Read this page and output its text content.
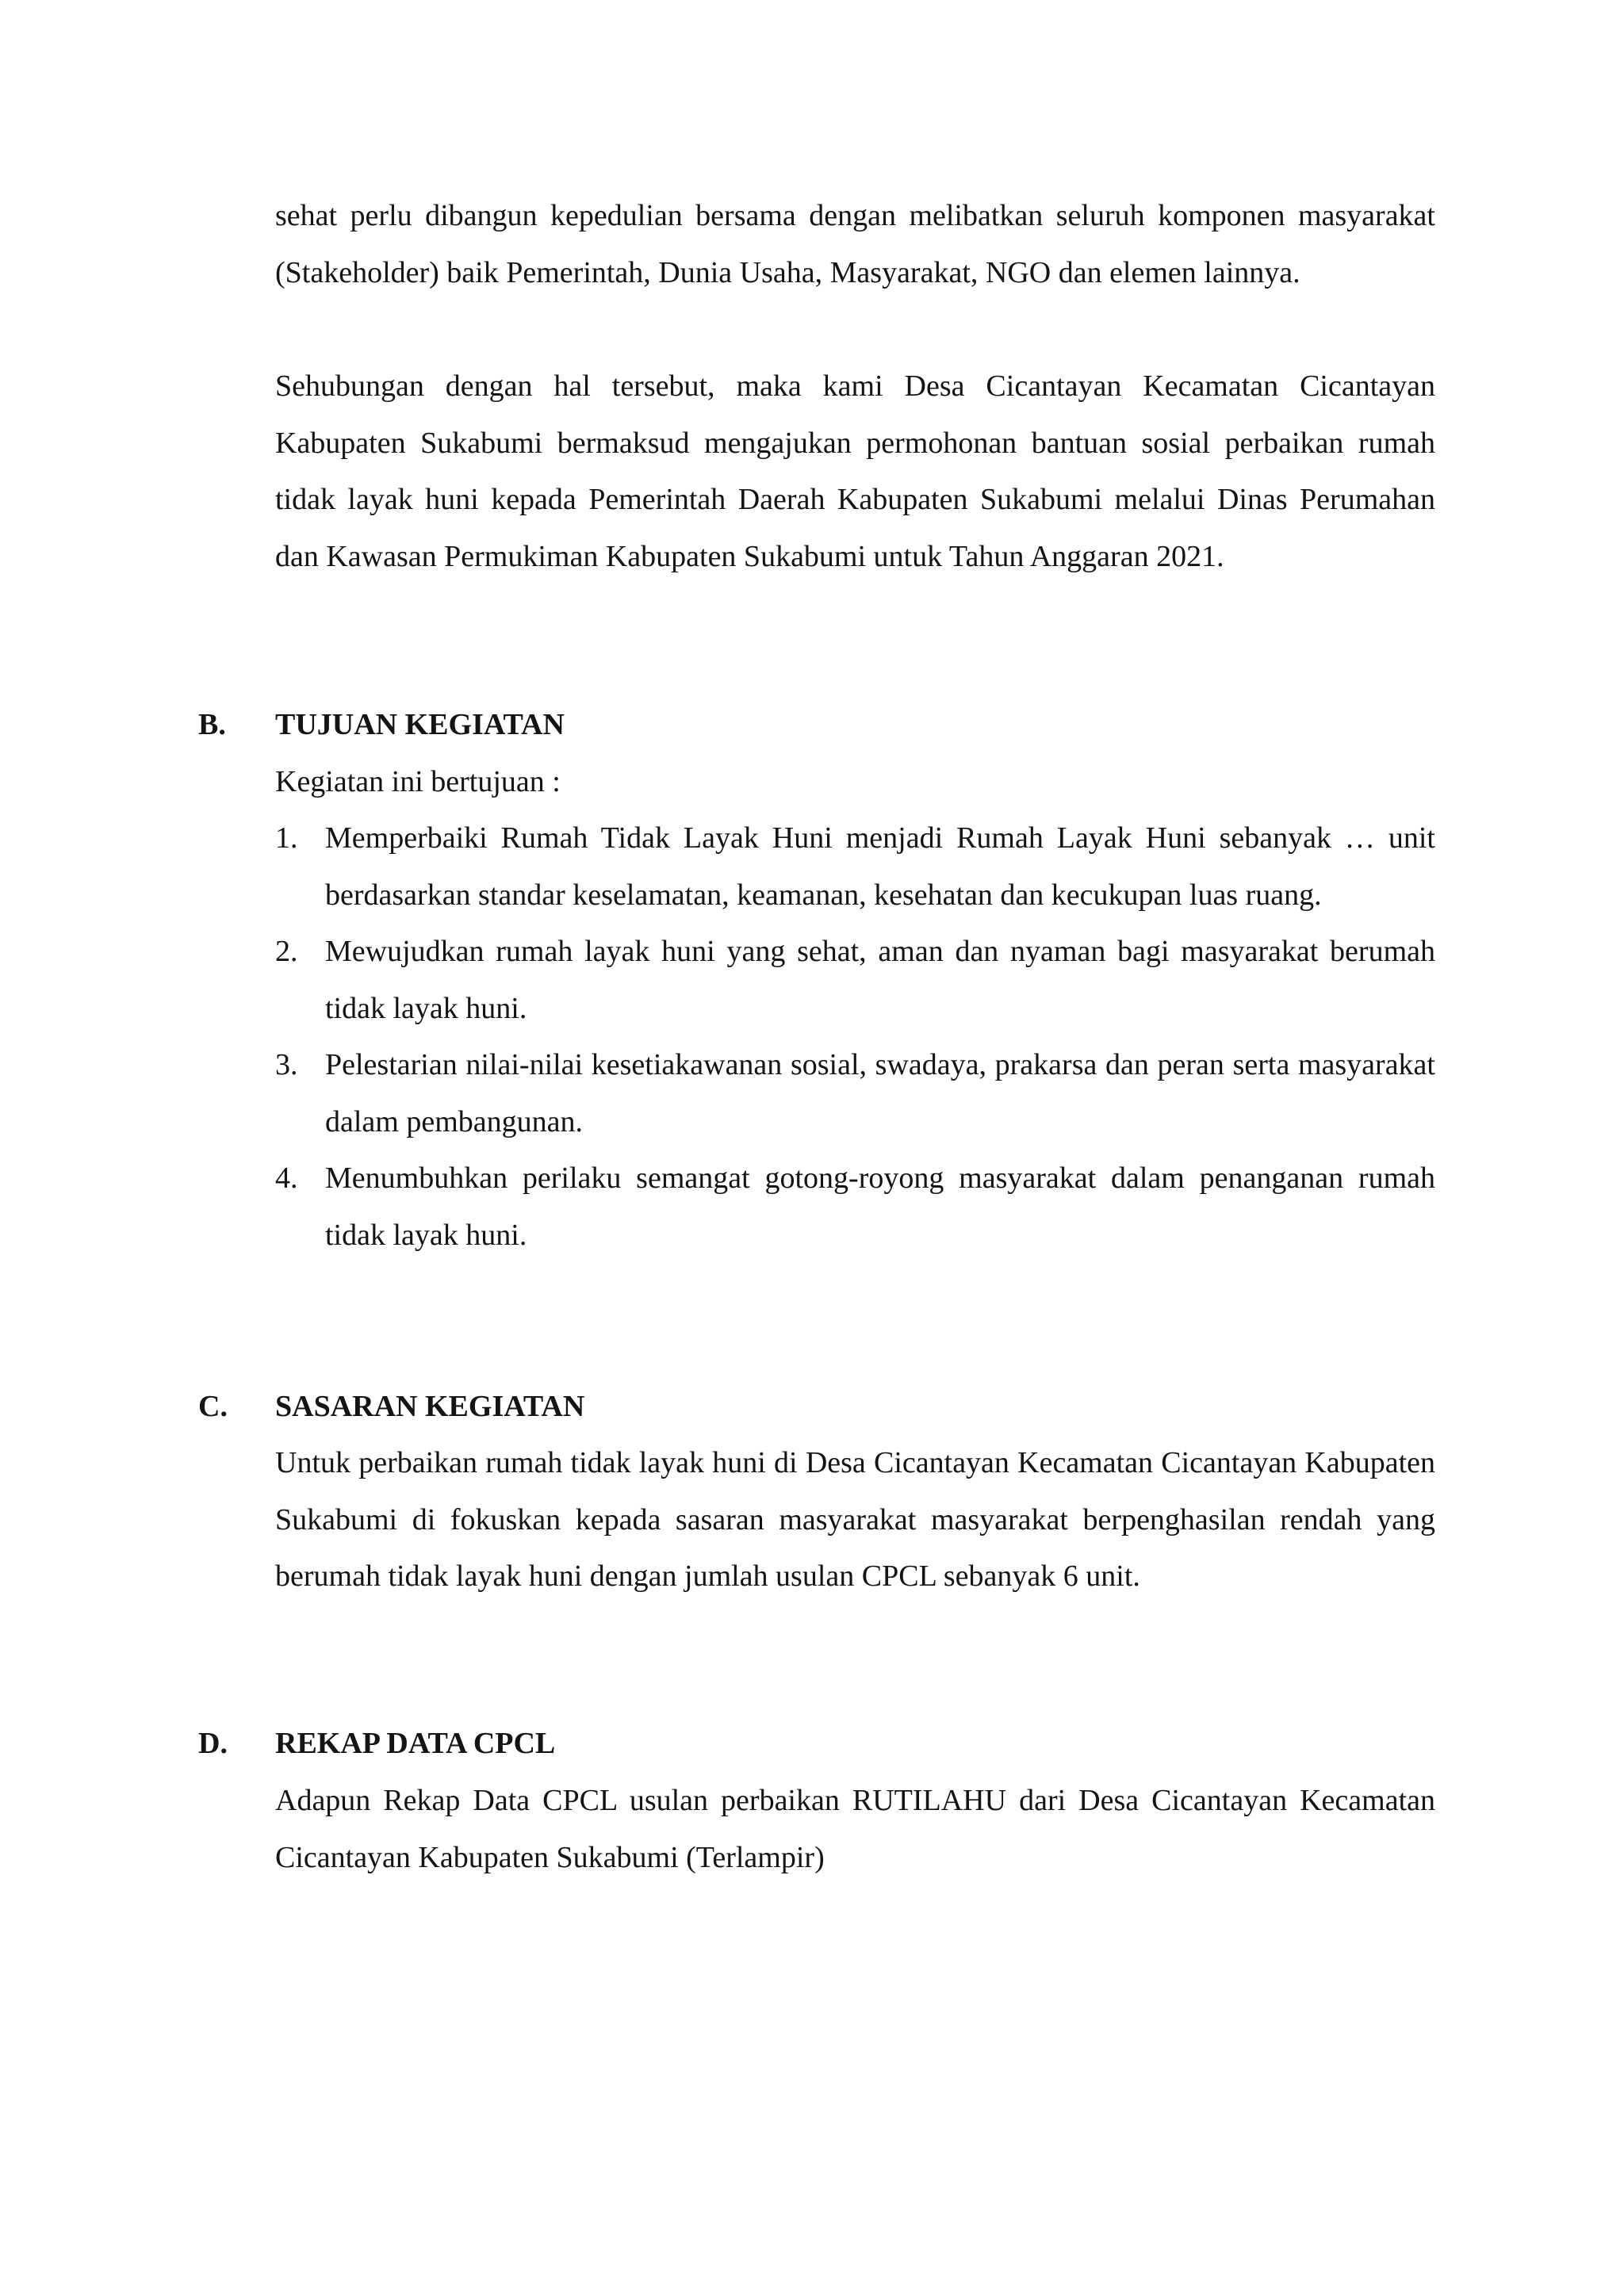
sehat perlu dibangun kepedulian bersama dengan melibatkan seluruh komponen masyarakat (Stakeholder) baik Pemerintah, Dunia Usaha, Masyarakat, NGO dan elemen lainnya.

Sehubungan dengan hal tersebut, maka kami Desa Cicantayan Kecamatan Cicantayan Kabupaten Sukabumi bermaksud mengajukan permohonan bantuan sosial perbaikan rumah tidak layak huni kepada Pemerintah Daerah Kabupaten Sukabumi melalui Dinas Perumahan dan Kawasan Permukiman Kabupaten Sukabumi untuk Tahun Anggaran 2021.

B. TUJUAN KEGIATAN

Kegiatan ini bertujuan :

1. Memperbaiki Rumah Tidak Layak Huni menjadi Rumah Layak Huni sebanyak … unit berdasarkan standar keselamatan, keamanan, kesehatan dan kecukupan luas ruang.
2. Mewujudkan rumah layak huni yang sehat, aman dan nyaman bagi masyarakat berumah tidak layak huni.
3. Pelestarian nilai-nilai kesetiakawanan sosial, swadaya, prakarsa dan peran serta masyarakat dalam pembangunan.
4. Menumbuhkan perilaku semangat gotong-royong masyarakat dalam penanganan rumah tidak layak huni.

C. SASARAN KEGIATAN

Untuk perbaikan rumah tidak layak huni di Desa Cicantayan Kecamatan Cicantayan Kabupaten Sukabumi di fokuskan kepada sasaran masyarakat masyarakat berpenghasilan rendah yang berumah tidak layak huni dengan jumlah usulan CPCL sebanyak 6 unit.

D. REKAP DATA CPCL

Adapun Rekap Data CPCL usulan perbaikan RUTILAHU dari Desa Cicantayan Kecamatan Cicantayan Kabupaten Sukabumi (Terlampir)
